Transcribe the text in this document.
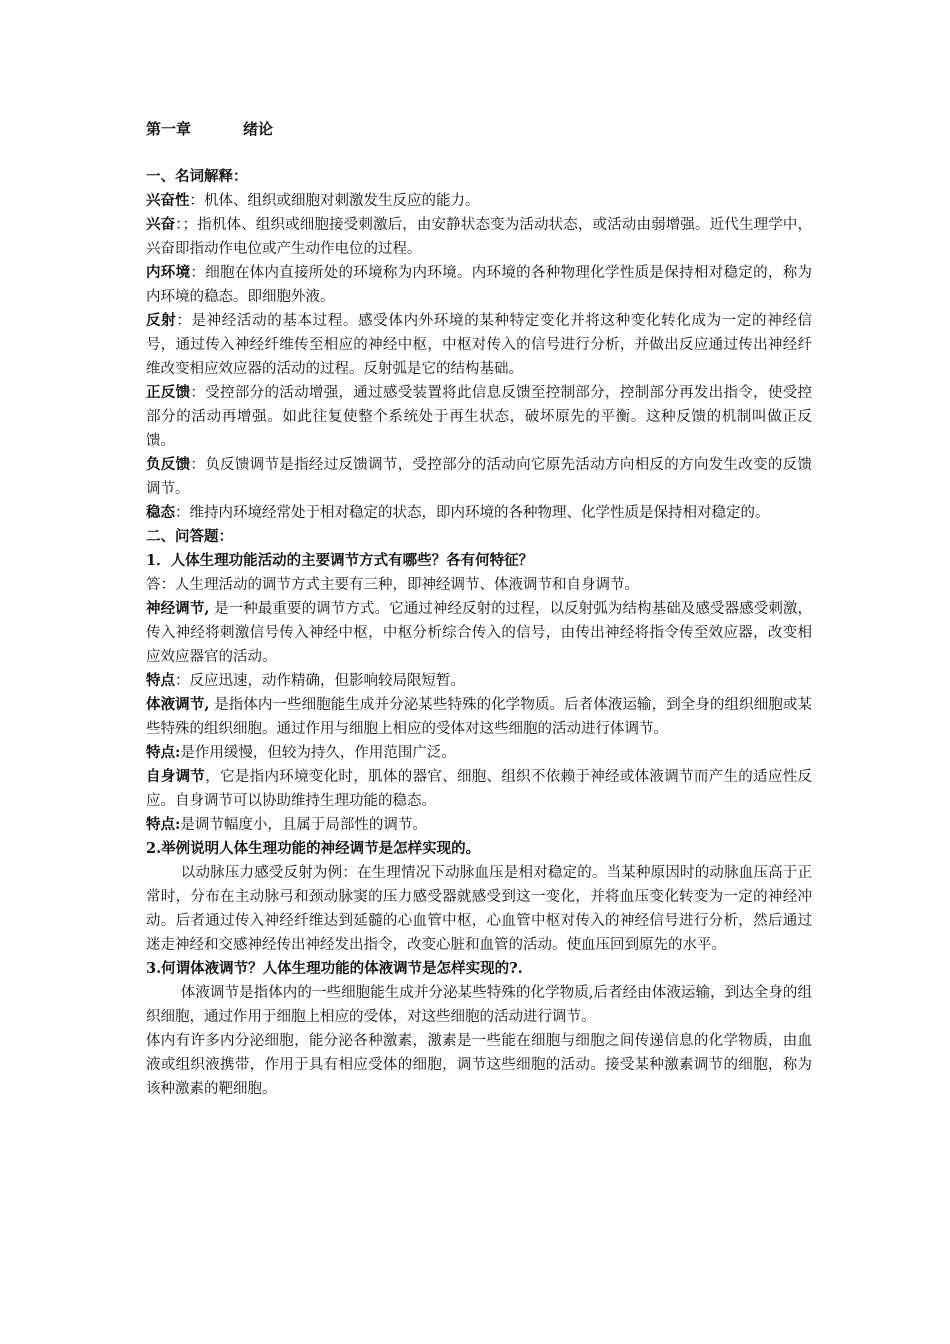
第一章	绪论
一、名词解释：

兴奋性：机体、组织或细胞对刺激发生反应的能力。

兴奋：；指机体、组织或细胞接受刺激后，由安静状态变为活动状态，或活动由弱增强。近代生理学中，兴奋即指动作电位或产生动作电位的过程。

内环境：细胞在体内直接所处的环境称为内环境。内环境的各种物理化学性质是保持相对稳定的，称为内环境的稳态。即细胞外液。

反射：是神经活动的基本过程。感受体内外环境的某种特定变化并将这种变化转化成为一定的神经信号，通过传入神经纤维传至相应的神经中枢，中枢对传入的信号进行分析，并做出反应通过传出神经纤维改变相应效应器的活动的过程。反射弧是它的结构基础。

正反馈：受控部分的活动增强，通过感受装置将此信息反馈至控制部分，控制部分再发出指令，使受控部分的活动再增强。如此往复使整个系统处于再生状态，破坏原先的平衡。这种反馈的机制叫做正反馈。

负反馈：负反馈调节是指经过反馈调节，受控部分的活动向它原先活动方向相反的方向发生改变的反馈调节。

稳态：维持内环境经常处于相对稳定的状态，即内环境的各种物理、化学性质是保持相对稳定的。

二、问答题：
1．人体生理功能活动的主要调节方式有哪些？各有何特征？

答：人生理活动的调节方式主要有三种，即神经调节、体液调节和自身调节。

神经调节, 是一种最重要的调节方式。它通过神经反射的过程，以反射弧为结构基础及感受器感受刺激，传入神经将刺激信号传入神经中枢，中枢分析综合传入的信号，由传出神经将指令传至效应器，改变相应效应器官的活动。

特点：反应迅速，动作精确，但影响较局限短暂。

体液调节, 是指体内一些细胞能生成并分泌某些特殊的化学物质。后者体液运输，到全身的组织细胞或某些特殊的组织细胞。通过作用与细胞上相应的受体对这些细胞的活动进行体调节。

特点:是作用缓慢，但较为持久，作用范围广泛。

自身调节，它是指内环境变化时，肌体的器官、细胞、组织不依赖于神经或体液调节而产生的适应性反应。自身调节可以协助维持生理功能的稳态。

特点:是调节幅度小，且属于局部性的调节。

2.举例说明人体生理功能的神经调节是怎样实现的。

以动脉压力感受反射为例：在生理情况下动脉血压是相对稳定的。当某种原因时的动脉血压高于正常时，分布在主动脉弓和颈动脉窦的压力感受器就感受到这一变化，并将血压变化转变为一定的神经冲动。后者通过传入神经纤维达到延髓的心血管中枢，心血管中枢对传入的神经信号进行分析，然后通过迷走神经和交感神经传出神经发出指令，改变心脏和血管的活动。使血压回到原先的水平。

3.何谓体液调节？人体生理功能的体液调节是怎样实现的?.

体液调节是指体内的一些细胞能生成并分泌某些特殊的化学物质,后者经由体液运输，到达全身的组织细胞，通过作用于细胞上相应的受体，对这些细胞的活动进行调节。

体内有许多内分泌细胞，能分泌各种激素，激素是一些能在细胞与细胞之间传递信息的化学物质，由血液或组织液携带，作用于具有相应受体的细胞，调节这些细胞的活动。接受某种激素调节的细胞，称为该种激素的靶细胞。
